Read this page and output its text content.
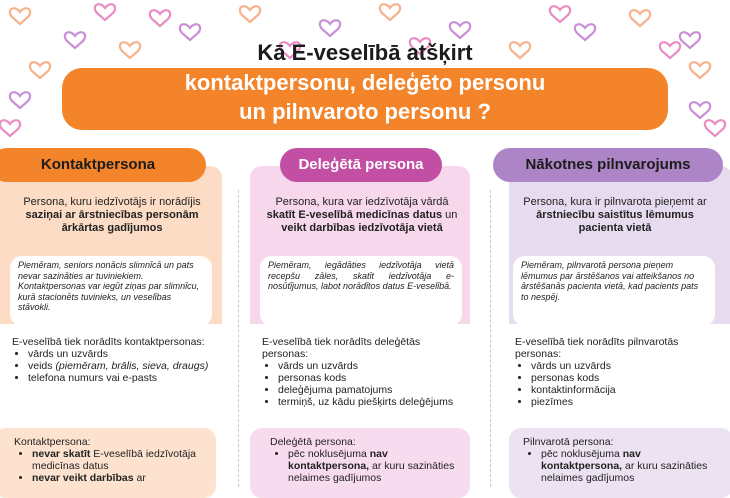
Kā E-veselībā atšķirt
kontaktpersonu, deleģēto personu
un pilnvaroto personu ?
Kontaktpersona
Persona, kuru iedzīvotājs ir norādījis saziņai ar ārstniecības personām ārkārtas gadījumos
Piemēram, seniors nonācis slimnīcā un pats nevar sazināties ar tuviniekiem. Kontaktpersonas var iegūt ziņas par slimnīcu, kurā stacionēts tuvinieks, un veselības stāvokli.
E-veselībā tiek norādīts kontaktpersonas:
• vārds un uzvārds
• veids (piemēram, brālis, sieva, draugs)
• telefona numurs vai e-pasts
Kontaktpersona:
• nevar skatīt E-veselībā iedzīvotāja medicīnas datus
• nevar veikt darbības ar
Deleģētā persona
Persona, kura var iedzīvotāja vārdā skatīt E-veselībā medicīnas datus un veikt darbības iedzīvotāja vietā
Piemēram, iegādāties iedzīvotāja vietā recepšu zāles, skatīt iedzīvotāja e-nosūtījumus, labot norādītos datus E-veselībā.
E-veselībā tiek norādīts deleģētās personas:
• vārds un uzvārds
• personas kods
• deleģējuma pamatojums
• termiņš, uz kādu piešķirts deleģējums
Deleģētā persona:
• pēc noklusējuma nav kontaktpersona, ar kuru sazināties nelaimes gadījumos
Nākotnes pilnvarojums
Persona, kura ir pilnvarota pieņemt ar ārstniecību saistītus lēmumus pacienta vietā
Piemēram, pilnvarotā persona pieņem lēmumus par ārstēšanos vai atteikšanos no ārstēšanās pacienta vietā, kad pacients pats to nespēj.
E-veselībā tiek norādīts pilnvarotās personas:
• vārds un uzvārds
• personas kods
• kontaktinformācija
• piezīmes
Pilnvarotā persona:
• pēc noklusējuma nav kontaktpersona, ar kuru sazināties nelaimes gadījumos
